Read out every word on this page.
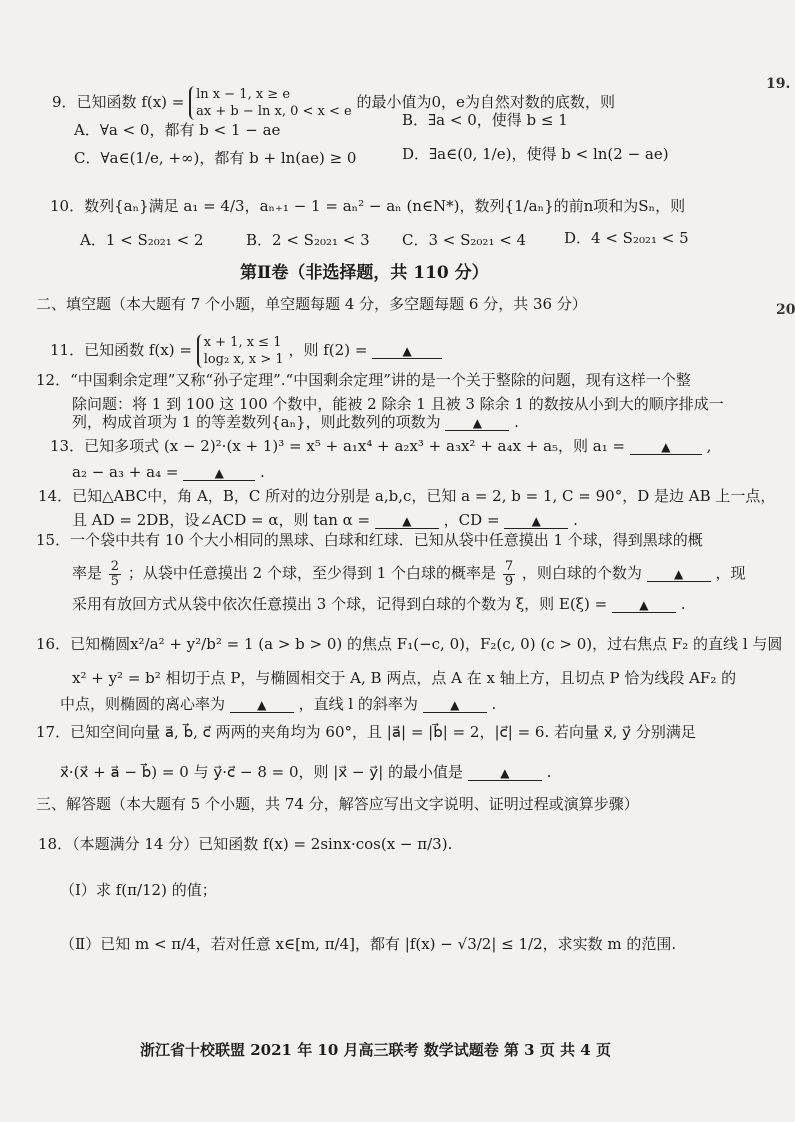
19.
20
9．已知函数 f(x) = ln x − 1, x ≥ e
ax + b − ln x, 0 < x < e
的最小值为0，e为自然对数的底数，则
A．∀a < 0，都有 b < 1 − ae
B．∃a < 0，使得 b ≤ 1
C．∀a∈(1/e, +∞)，都有 b + ln(ae) ≥ 0	D．∃a∈(0, 1/e)，使得 b < ln(2 − ae)
10．数列{aₙ}满足 a₁ = 4/3，aₙ₊₁ − 1 = aₙ² − aₙ (n∈N*)，数列{1/aₙ}的前n项和为Sₙ，则
A．1 < S₂₀₂₁ < 2	B．2 < S₂₀₂₁ < 3 C．3 < S₂₀₂₁ < 4	D．4 < S₂₀₂₁ < 5
第Ⅱ卷（非选择题，共 110 分）
二、填空题（本大题有 7 个小题，单空题每题 4 分，多空题每题 6 分，共 36 分）
11．已知函数 f(x) = x + 1, x ≤ 1
log₂ x, x > 1
，则 f(2) =	▲
12．“中国剩余定理”又称“孙子定理”.“中国剩余定理”讲的是一个关于整除的问题，现有这样一个整
除问题：将 1 到 100 这 100 个数中，能被 2 除余 1 且被 3 除余 1 的数按从小到大的顺序排成一
列，构成首项为 1 的等差数列{aₙ}，则此数列的项数为	▲ .
13．已知多项式 (x − 2)²·(x + 1)³ = x⁵ + a₁x⁴ + a₂x³ + a₃x² + a₄x + a₅，则 a₁ =	▲ ,
a₂ − a₃ + a₄ =	▲ .
14．已知△ABC中，角 A，B，C 所对的边分别是 a,b,c，已知 a = 2, b = 1, C = 90°，D 是边 AB 上一点，
且 AD = 2DB，设∠ACD = α，则 tan α =	▲ ，CD =	▲ .
15．一个袋中共有 10 个大小相同的黑球、白球和红球．已知从袋中任意摸出 1 个球，得到黑球的概
率是 $\frac{2}{5}$ ；从袋中任意摸出 2 个球，至少得到 1 个白球的概率是 $\frac{7}{9}$ ，则白球的个数为	▲ ，现
采用有放回方式从袋中依次任意摸出 3 个球，记得到白球的个数为 ξ，则 E(ξ) =	▲ .
16．已知椭圆x²/a² + y²/b² = 1 (a > b > 0) 的焦点 F₁(−c, 0)，F₂(c, 0) (c > 0)，过右焦点 F₂ 的直线 l 与圆
x² + y² = b² 相切于点 P，与椭圆相交于 A, B 两点，点 A 在 x 轴上方，且切点 P 恰为线段 AF₂ 的
中点，则椭圆的离心率为	▲ ，直线 l 的斜率为	▲ .
17．已知空间向量 a⃗, b⃗, c⃗ 两两的夹角均为 60°，且 |a⃗| = |b⃗| = 2，|c⃗| = 6. 若向量 x⃗, y⃗ 分别满足
x⃗·(x⃗ + a⃗ − b⃗) = 0 与 y⃗·c⃗ − 8 = 0，则 |x⃗ − y⃗| 的最小值是	▲ .
三、解答题（本大题有 5 个小题，共 74 分，解答应写出文字说明、证明过程或演算步骤）
18．（本题满分 14 分）已知函数 f(x) = 2sinx·cos(x − π/3).
（Ⅰ）求 f(π/12) 的值；
（Ⅱ）已知 m < π/4，若对任意 x∈[m, π/4]，都有 |f(x) − √3/2| ≤ 1/2，求实数 m 的范围.
浙江省十校联盟 2021 年 10 月高三联考 数学试题卷 第 3 页 共 4 页
